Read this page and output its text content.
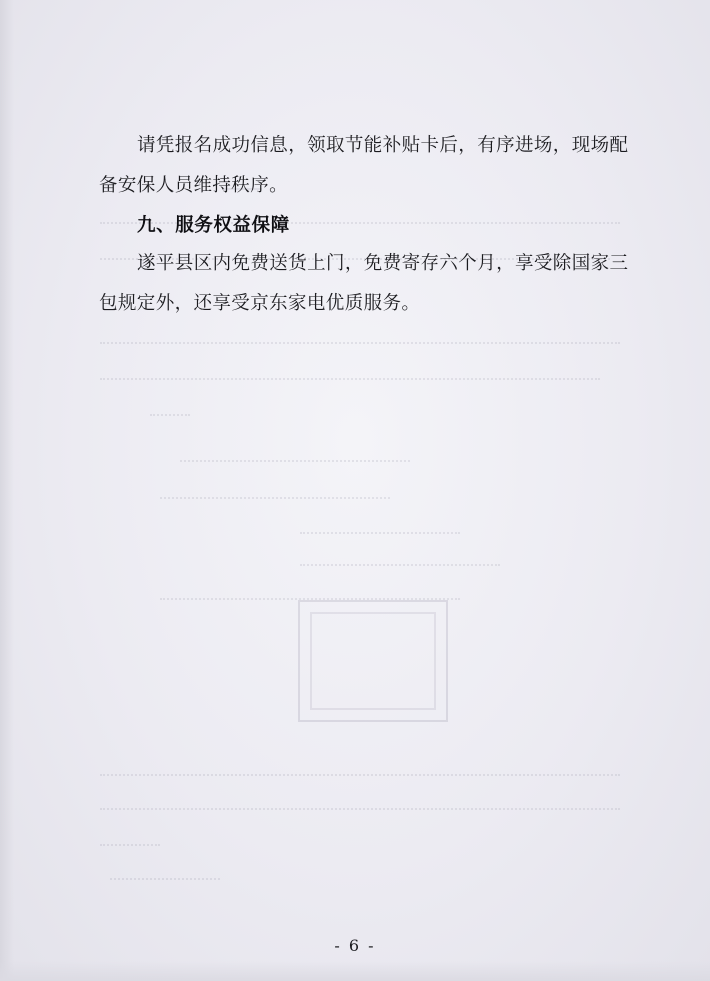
请凭报名成功信息，领取节能补贴卡后，有序进场，现场配
备安保人员维持秩序。
九、服务权益保障
遂平县区内免费送货上门，免费寄存六个月，享受除国家三
包规定外，还享受京东家电优质服务。
- 6 -
